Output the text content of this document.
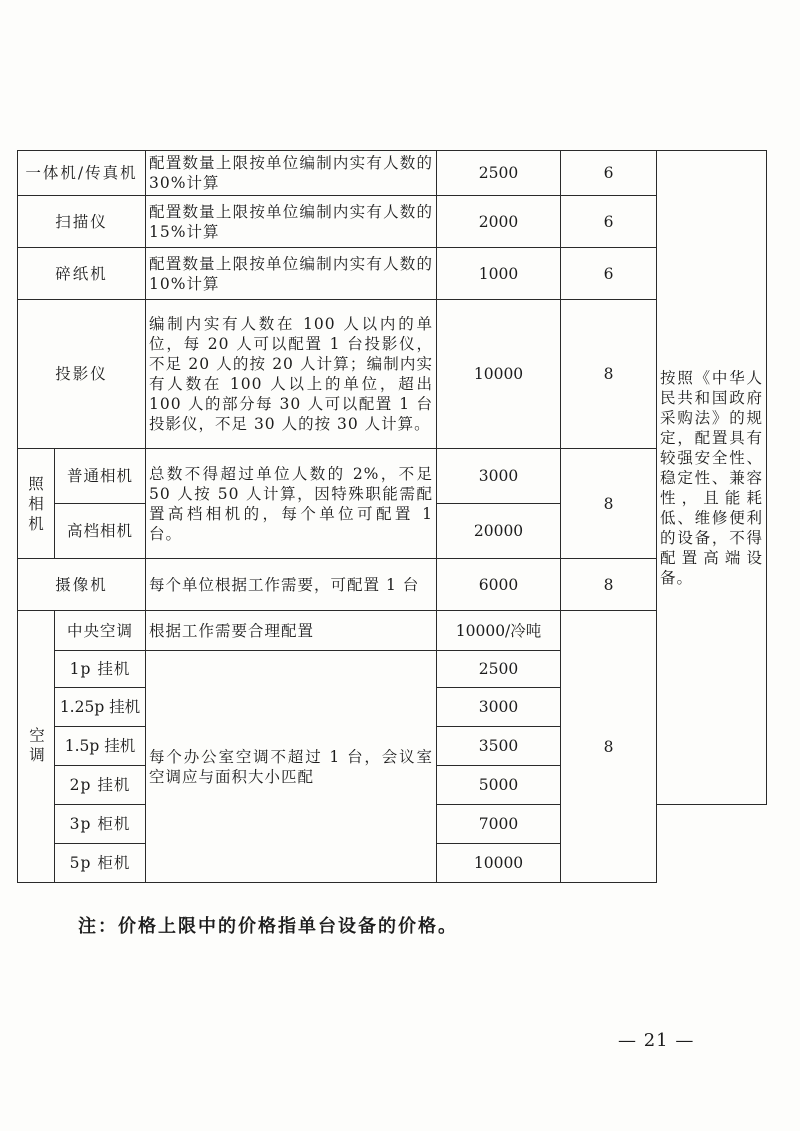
一体机/传真机		配置数量上限按单位编制内实有人数的 30%计算	2500	6	按照《中华人民共和国政府采购法》的规定，配置具有较强安全性、稳定性、兼容性，且能耗低、维修便利的设备，不得配置高端设备。
扫描仪		配置数量上限按单位编制内实有人数的 15%计算	2000	6	
碎纸机		配置数量上限按单位编制内实有人数的 10%计算	1000	6	
投影仪		编制内实有人数在 100 人以内的单位，每 20 人可以配置 1 台投影仪，不足 20 人的按 20 人计算；编制内实有人数在 100 人以上的单位，超出 100 人的部分每 30 人可以配置 1 台投影仪，不足 30 人的按 30 人计算。	10000	8	
照相机	普通相机	总数不得超过单位人数的 2%，不足 50 人按 50 人计算，因特殊职能需配置高档相机的，每个单位可配置 1 台。	3000	8	
	高档相机		20000		
摄像机		每个单位根据工作需要，可配置 1 台	6000	8	

空调	中央空调	根据工作需要合理配置	10000/冷吨	8	
	1p 挂机	每个办公室空调不超过 1 台，会议室空调应与面积大小匹配	2500		
	1.25p 挂机		3000		
	1.5p 挂机		3500		
	2p 挂机		5000		
	3p 柜机		7000		
	5p 柜机		10000		
注：价格上限中的价格指单台设备的价格。
— 21 —
